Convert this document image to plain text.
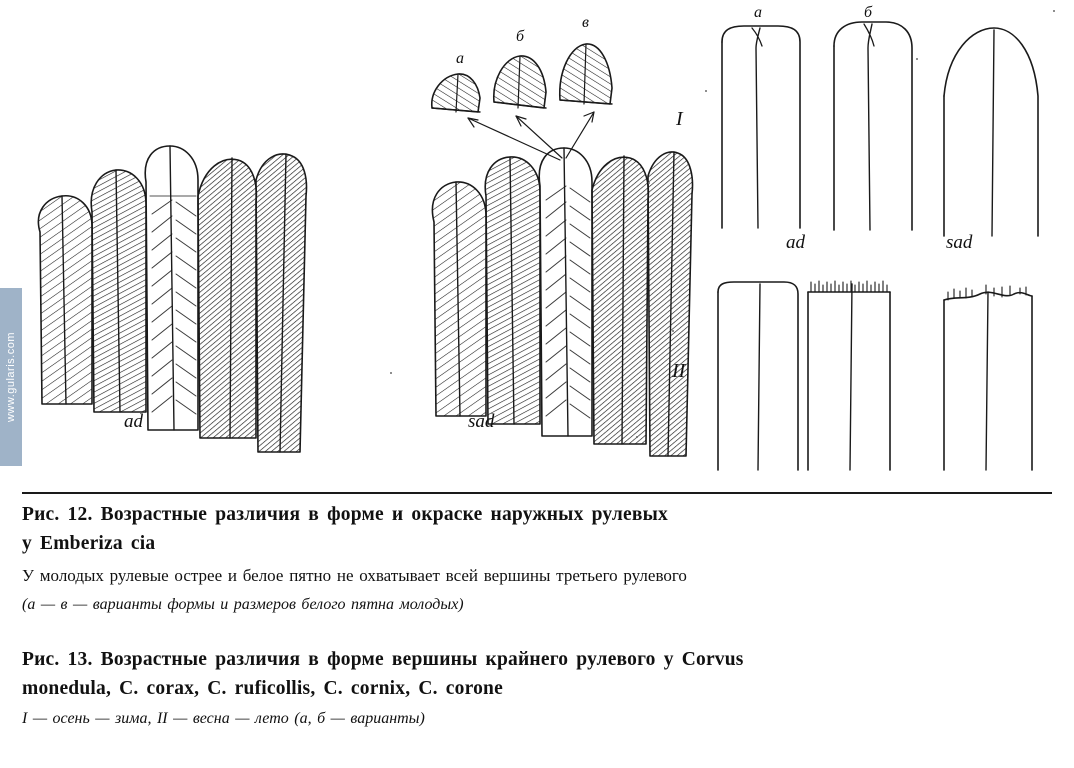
www.gularis.com	ad	sad
a
б
в
a	б
I
II
ad	sad
Рис. 12. Возрастные различия в форме и окраске наружных рулевых
у Emberiza cia
У молодых рулевые острее и белое пятно не охватывает всей вершины третьего рулевого
(а — в — варианты формы и размеров белого пятна молодых)
Рис. 13. Возрастные различия в форме вершины крайнего рулевого у Corvus
monedula, C. corax, C. ruficollis, C. cornix, C. corone
I — осень — зима, II — весна — лето (а, б — варианты)
